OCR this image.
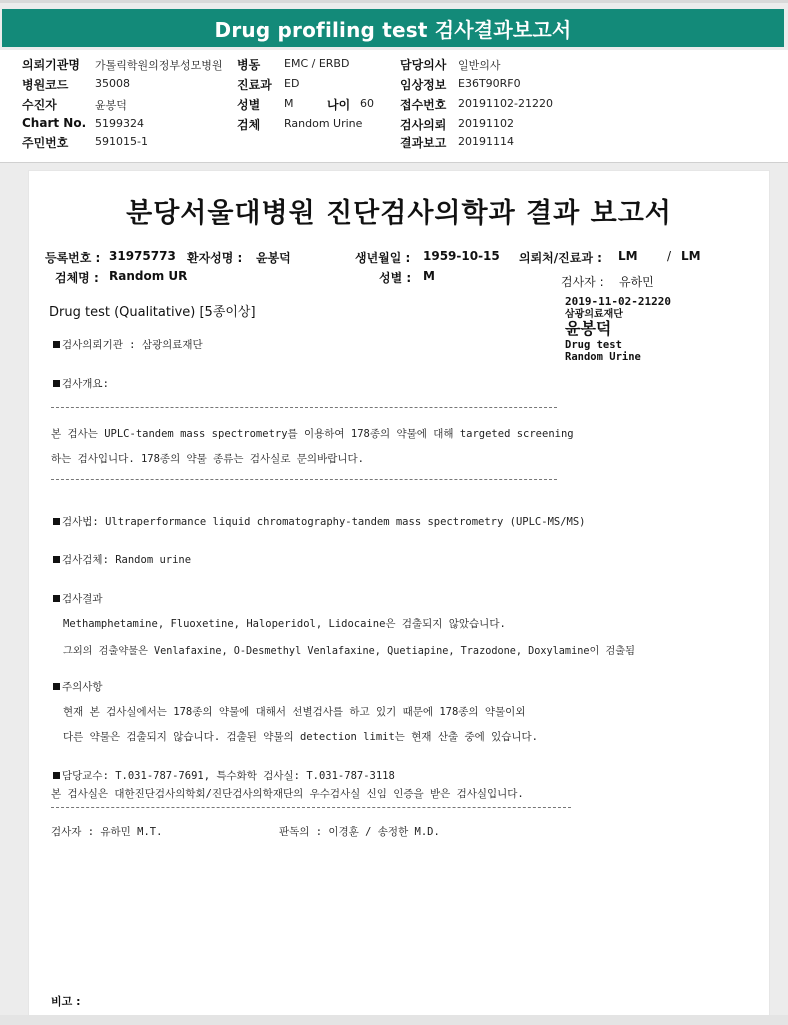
Drug profiling test 검사결과보고서
의뢰기관명 가톨릭학원의정부성모병원 병동 EMC / ERBD	담당의사 일반의사
병원코드 35008	진료과 ED	임상정보 E36T90RF0
수진자	윤봉덕	성별 M	나이 60 접수번호 20191102-21220
Chart No. 5199324	검체 Random Urine	검사의뢰 20191102
주민번호 591015-1	결과보고 20191114
분당서울대병원 진단검사의학과 결과 보고서
등록번호 : 31975773 환자성명 : 윤봉덕	생년월일 : 1959-10-15 의뢰처/진료과 : LM / LM
검체명 : Random UR	성별 : M	검사자 : 유하민
Drug test (Qualitative) [5종이상]
2019-11-02-21220
삼광의료재단
윤봉덕
Drug test
Random Urine
검사의뢰기관 : 삼광의료재단
검사개요:
본 검사는 UPLC-tandem mass spectrometry를 이용하여 178종의 약물에 대해 targeted screening
하는 검사입니다. 178종의 약물 종류는 검사실로 문의바랍니다.
검사법: Ultraperformance liquid chromatography-tandem mass spectrometry (UPLC-MS/MS)
검사검체: Random urine
검사결과
Methamphetamine, Fluoxetine, Haloperidol, Lidocaine은 검출되지 않았습니다.
그외의 검출약물은 Venlafaxine, O-Desmethyl Venlafaxine, Quetiapine, Trazodone, Doxylamine이 검출됨
주의사항
현재 본 검사실에서는 178종의 약물에 대해서 선별검사를 하고 있기 때문에 178종의 약물이외
다른 약물은 검출되지 않습니다. 검출된 약물의 detection limit는 현재 산출 중에 있습니다.
담당교수: T.031-787-7691, 특수화학 검사실: T.031-787-3118
본 검사실은 대한진단검사의학회/진단검사의학재단의 우수검사실 신임 인증을 받은 검사실입니다.
검사자 : 유하민 M.T.	판독의 : 이경훈 / 송정한 M.D.
비고 :
